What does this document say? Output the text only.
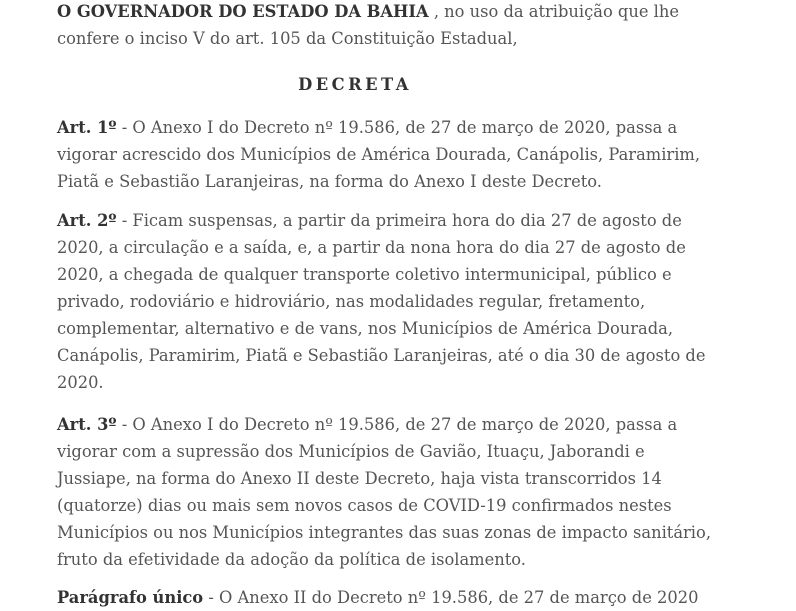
O GOVERNADOR DO ESTADO DA BAHIA , no uso da atribuição que lhe confere o inciso V do art. 105 da Constituição Estadual,

DECRETA

Art. 1º - O Anexo I do Decreto nº 19.586, de 27 de março de 2020, passa a vigorar acrescido dos Municípios de América Dourada, Canápolis, Paramirim, Piatã e Sebastião Laranjeiras, na forma do Anexo I deste Decreto.

Art. 2º - Ficam suspensas, a partir da primeira hora do dia 27 de agosto de 2020, a circulação e a saída, e, a partir da nona hora do dia 27 de agosto de 2020, a chegada de qualquer transporte coletivo intermunicipal, público e privado, rodoviário e hidroviário, nas modalidades regular, fretamento, complementar, alternativo e de vans, nos Municípios de América Dourada, Canápolis, Paramirim, Piatã e Sebastião Laranjeiras, até o dia 30 de agosto de 2020.

Art. 3º - O Anexo I do Decreto nº 19.586, de 27 de março de 2020, passa a vigorar com a supressão dos Municípios de Gavião, Ituaçu, Jaborandi e Jussiape, na forma do Anexo II deste Decreto, haja vista transcorridos 14 (quatorze) dias ou mais sem novos casos de COVID-19 confirmados nestes Municípios ou nos Municípios integrantes das suas zonas de impacto sanitário, fruto da efetividade da adoção da política de isolamento.

Parágrafo único - O Anexo II do Decreto nº 19.586, de 27 de março de 2020
